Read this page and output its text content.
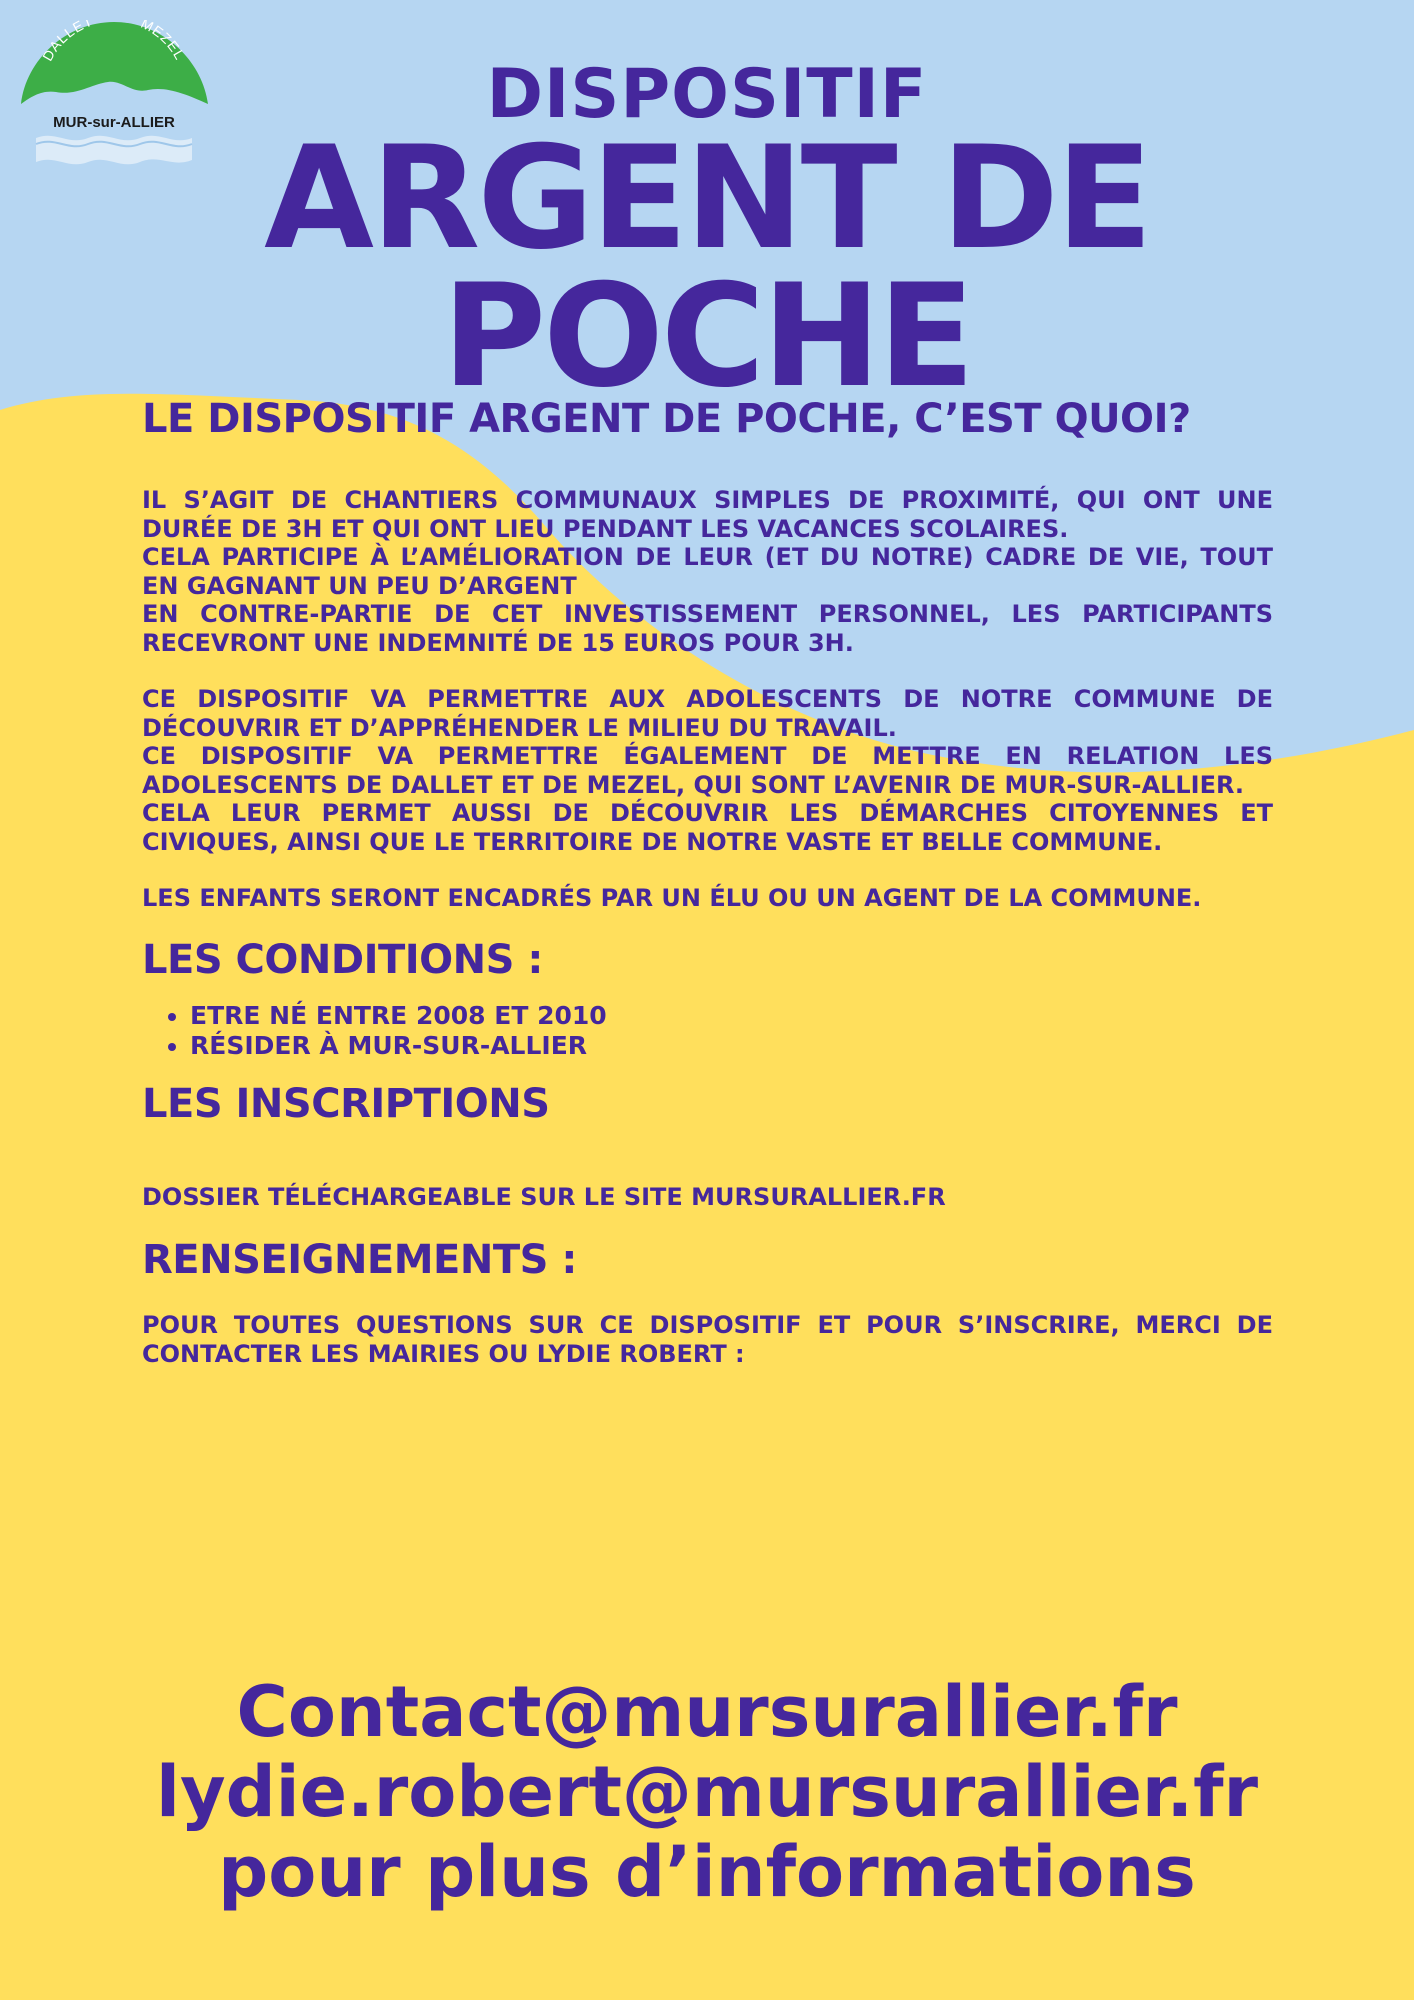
DALLET	MEZEL
MUR-sur-ALLIER	DISPOSITIF
ARGENT DE
POCHE
LE DISPOSITIF ARGENT DE POCHE, C’EST QUOI?

IL S’AGIT DE CHANTIERS COMMUNAUX SIMPLES DE PROXIMITÉ, QUI ONT UNE DURÉE DE 3H ET QUI ONT LIEU PENDANT LES VACANCES SCOLAIRES.

CELA PARTICIPE À L’AMÉLIORATION DE LEUR (ET DU NOTRE) CADRE DE VIE, TOUT EN GAGNANT UN PEU D’ARGENT

EN CONTRE-PARTIE DE CET INVESTISSEMENT PERSONNEL, LES PARTICIPANTS RECEVRONT UNE INDEMNITÉ DE 15 EUROS POUR 3H.

CE DISPOSITIF VA PERMETTRE AUX ADOLESCENTS DE NOTRE COMMUNE DE DÉCOUVRIR ET D’APPRÉHENDER LE MILIEU DU TRAVAIL.

CE DISPOSITIF VA PERMETTRE ÉGALEMENT DE METTRE EN RELATION LES ADOLESCENTS DE DALLET ET DE MEZEL, QUI SONT L’AVENIR DE MUR-SUR-ALLIER.

CELA LEUR PERMET AUSSI DE DÉCOUVRIR LES DÉMARCHES CITOYENNES ET CIVIQUES, AINSI QUE LE TERRITOIRE DE NOTRE VASTE ET BELLE COMMUNE.

LES ENFANTS SERONT ENCADRÉS PAR UN ÉLU OU UN AGENT DE LA COMMUNE.

LES CONDITIONS :
• ETRE NÉ ENTRE 2008 ET 2010
• RÉSIDER À MUR-SUR-ALLIER
LES INSCRIPTIONS

DOSSIER TÉLÉCHARGEABLE SUR LE SITE MURSURALLIER.FR

RENSEIGNEMENTS :

POUR TOUTES QUESTIONS SUR CE DISPOSITIF ET POUR S’INSCRIRE, MERCI DE CONTACTER LES MAIRIES OU LYDIE ROBERT :

Contact@mursurallier.fr
lydie.robert@mursurallier.fr
pour plus d’informations
